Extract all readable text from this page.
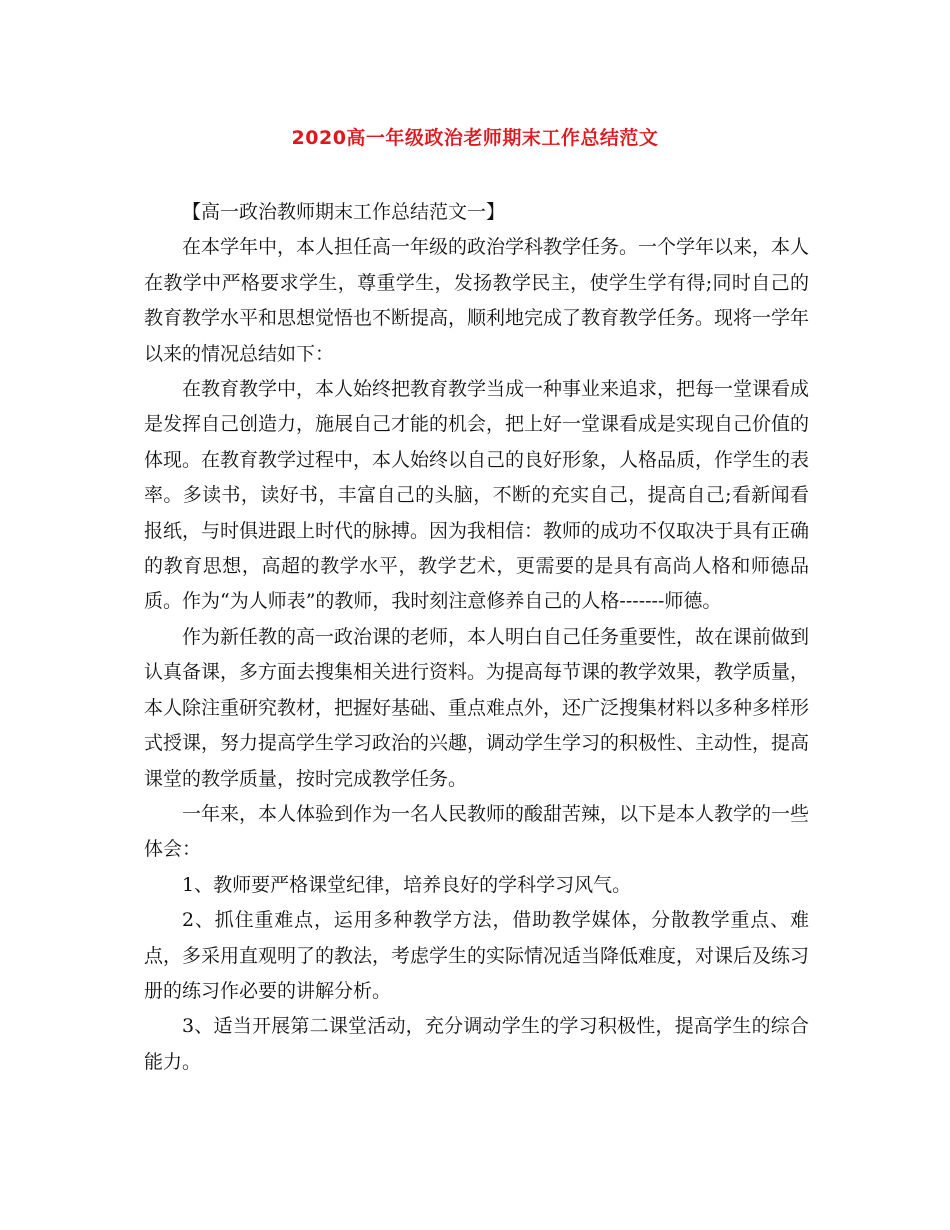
2020高一年级政治老师期末工作总结范文

【高一政治教师期末工作总结范文一】

在本学年中，本人担任高一年级的政治学科教学任务。一个学年以来，本人在教学中严格要求学生，尊重学生，发扬教学民主，使学生学有得;同时自己的教育教学水平和思想觉悟也不断提高，顺利地完成了教育教学任务。现将一学年以来的情况总结如下：

在教育教学中，本人始终把教育教学当成一种事业来追求，把每一堂课看成是发挥自己创造力，施展自己才能的机会，把上好一堂课看成是实现自己价值的体现。在教育教学过程中，本人始终以自己的良好形象，人格品质，作学生的表率。多读书，读好书，丰富自己的头脑，不断的充实自己，提高自己;看新闻看报纸，与时俱进跟上时代的脉搏。因为我相信：教师的成功不仅取决于具有正确的教育思想，高超的教学水平，教学艺术，更需要的是具有高尚人格和师德品质。作为“为人师表”的教师，我时刻注意修养自己的人格-------师德。

作为新任教的高一政治课的老师，本人明白自己任务重要性，故在课前做到认真备课，多方面去搜集相关进行资料。为提高每节课的教学效果，教学质量，本人除注重研究教材，把握好基础、重点难点外，还广泛搜集材料以多种多样形式授课，努力提高学生学习政治的兴趣，调动学生学习的积极性、主动性，提高课堂的教学质量，按时完成教学任务。

一年来，本人体验到作为一名人民教师的酸甜苦辣，以下是本人教学的一些体会：

1、教师要严格课堂纪律，培养良好的学科学习风气。

2、抓住重难点，运用多种教学方法，借助教学媒体，分散教学重点、难点，多采用直观明了的教法，考虑学生的实际情况适当降低难度，对课后及练习册的练习作必要的讲解分析。

3、适当开展第二课堂活动，充分调动学生的学习积极性，提高学生的综合能力。
